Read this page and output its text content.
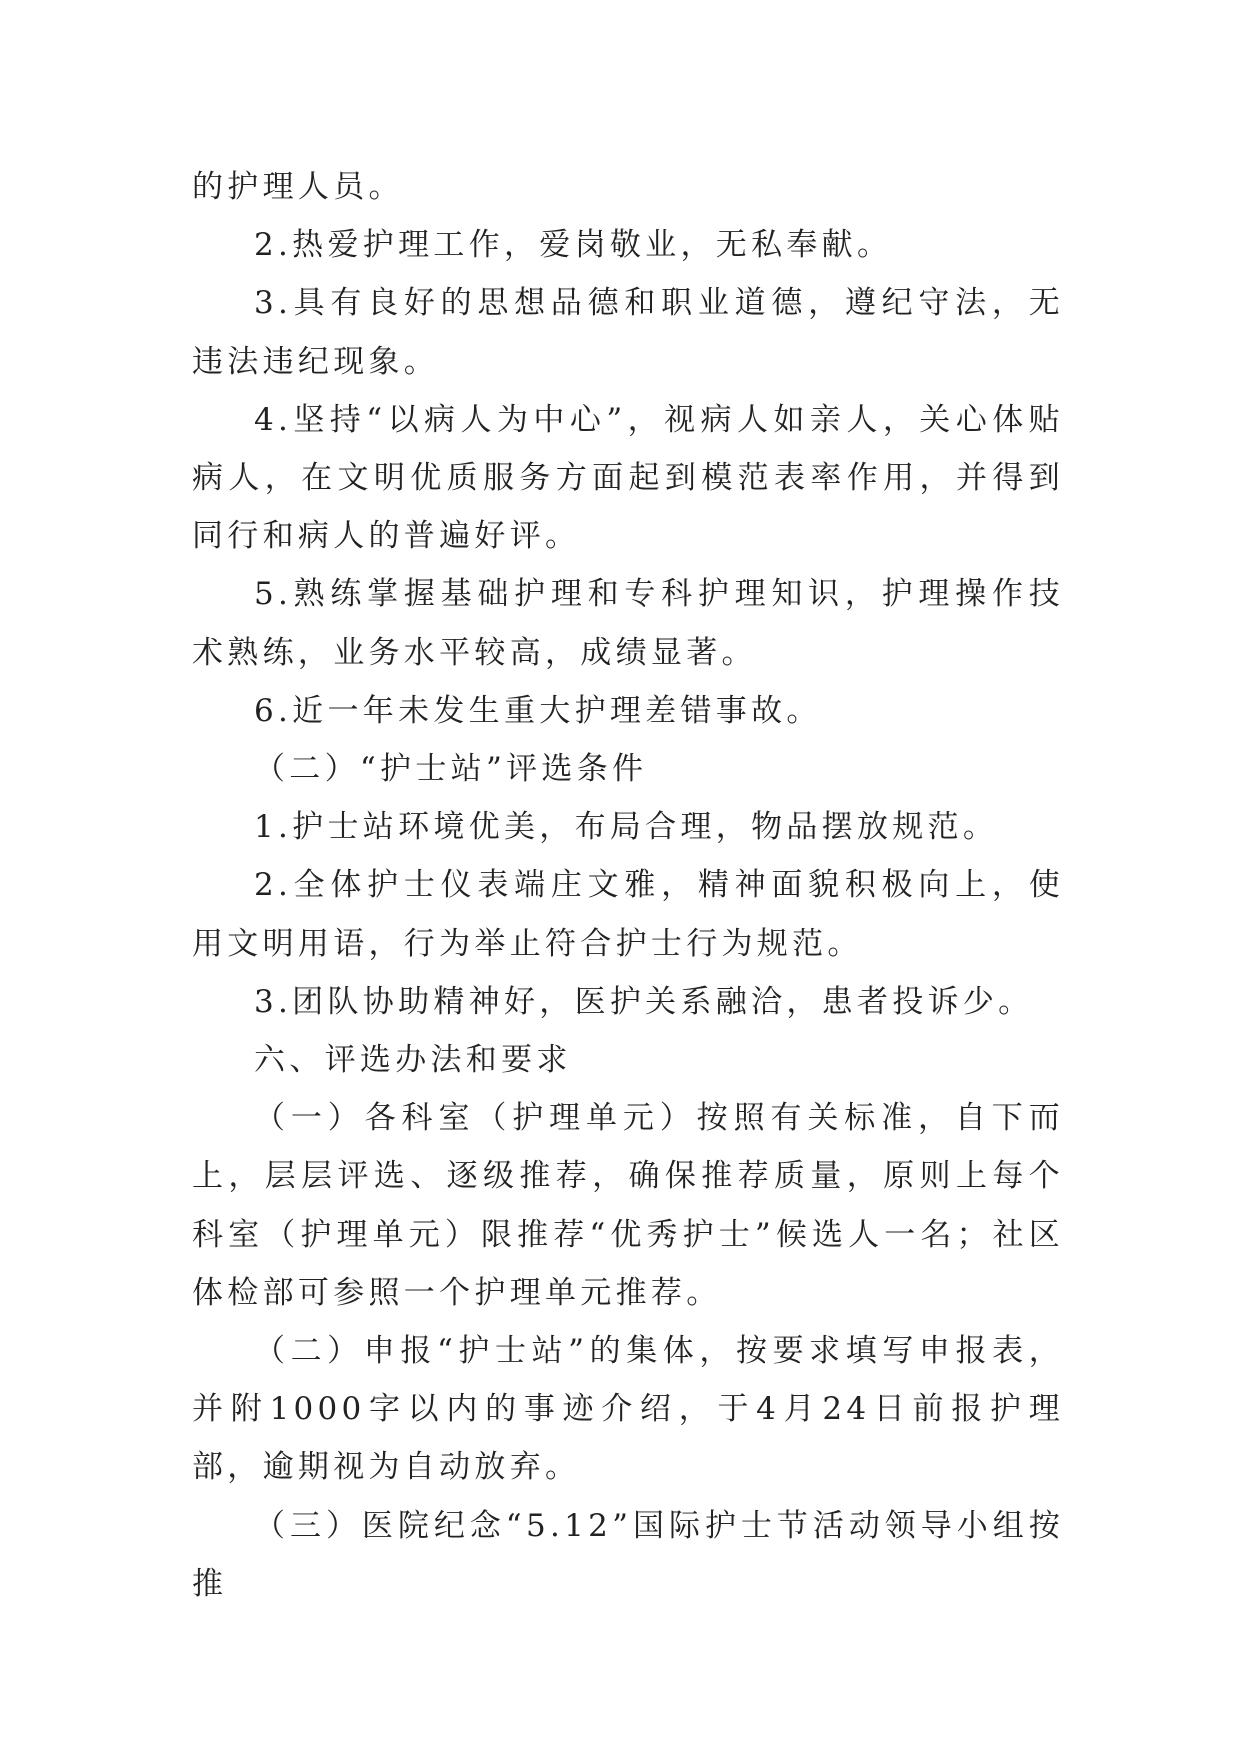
的护理人员。

2.热爱护理工作，爱岗敬业，无私奉献。

3.具有良好的思想品德和职业道德，遵纪守法，无违法违纪现象。

4.坚持“以病人为中心”，视病人如亲人，关心体贴病人，在文明优质服务方面起到模范表率作用，并得到同行和病人的普遍好评。

5.熟练掌握基础护理和专科护理知识，护理操作技术熟练，业务水平较高，成绩显著。

6.近一年未发生重大护理差错事故。

（二）“护士站”评选条件

1.护士站环境优美，布局合理，物品摆放规范。

2.全体护士仪表端庄文雅，精神面貌积极向上，使用文明用语，行为举止符合护士行为规范。

3.团队协助精神好，医护关系融洽，患者投诉少。

六、评选办法和要求

（一）各科室（护理单元）按照有关标准，自下而上，层层评选、逐级推荐，确保推荐质量，原则上每个科室（护理单元）限推荐“优秀护士”候选人一名；社区体检部可参照一个护理单元推荐。

（二）申报“护士站”的集体，按要求填写申报表，并附1000字以内的事迹介绍，于4月24日前报护理部，逾期视为自动放弃。

（三）医院纪念“5.12”国际护士节活动领导小组按推
